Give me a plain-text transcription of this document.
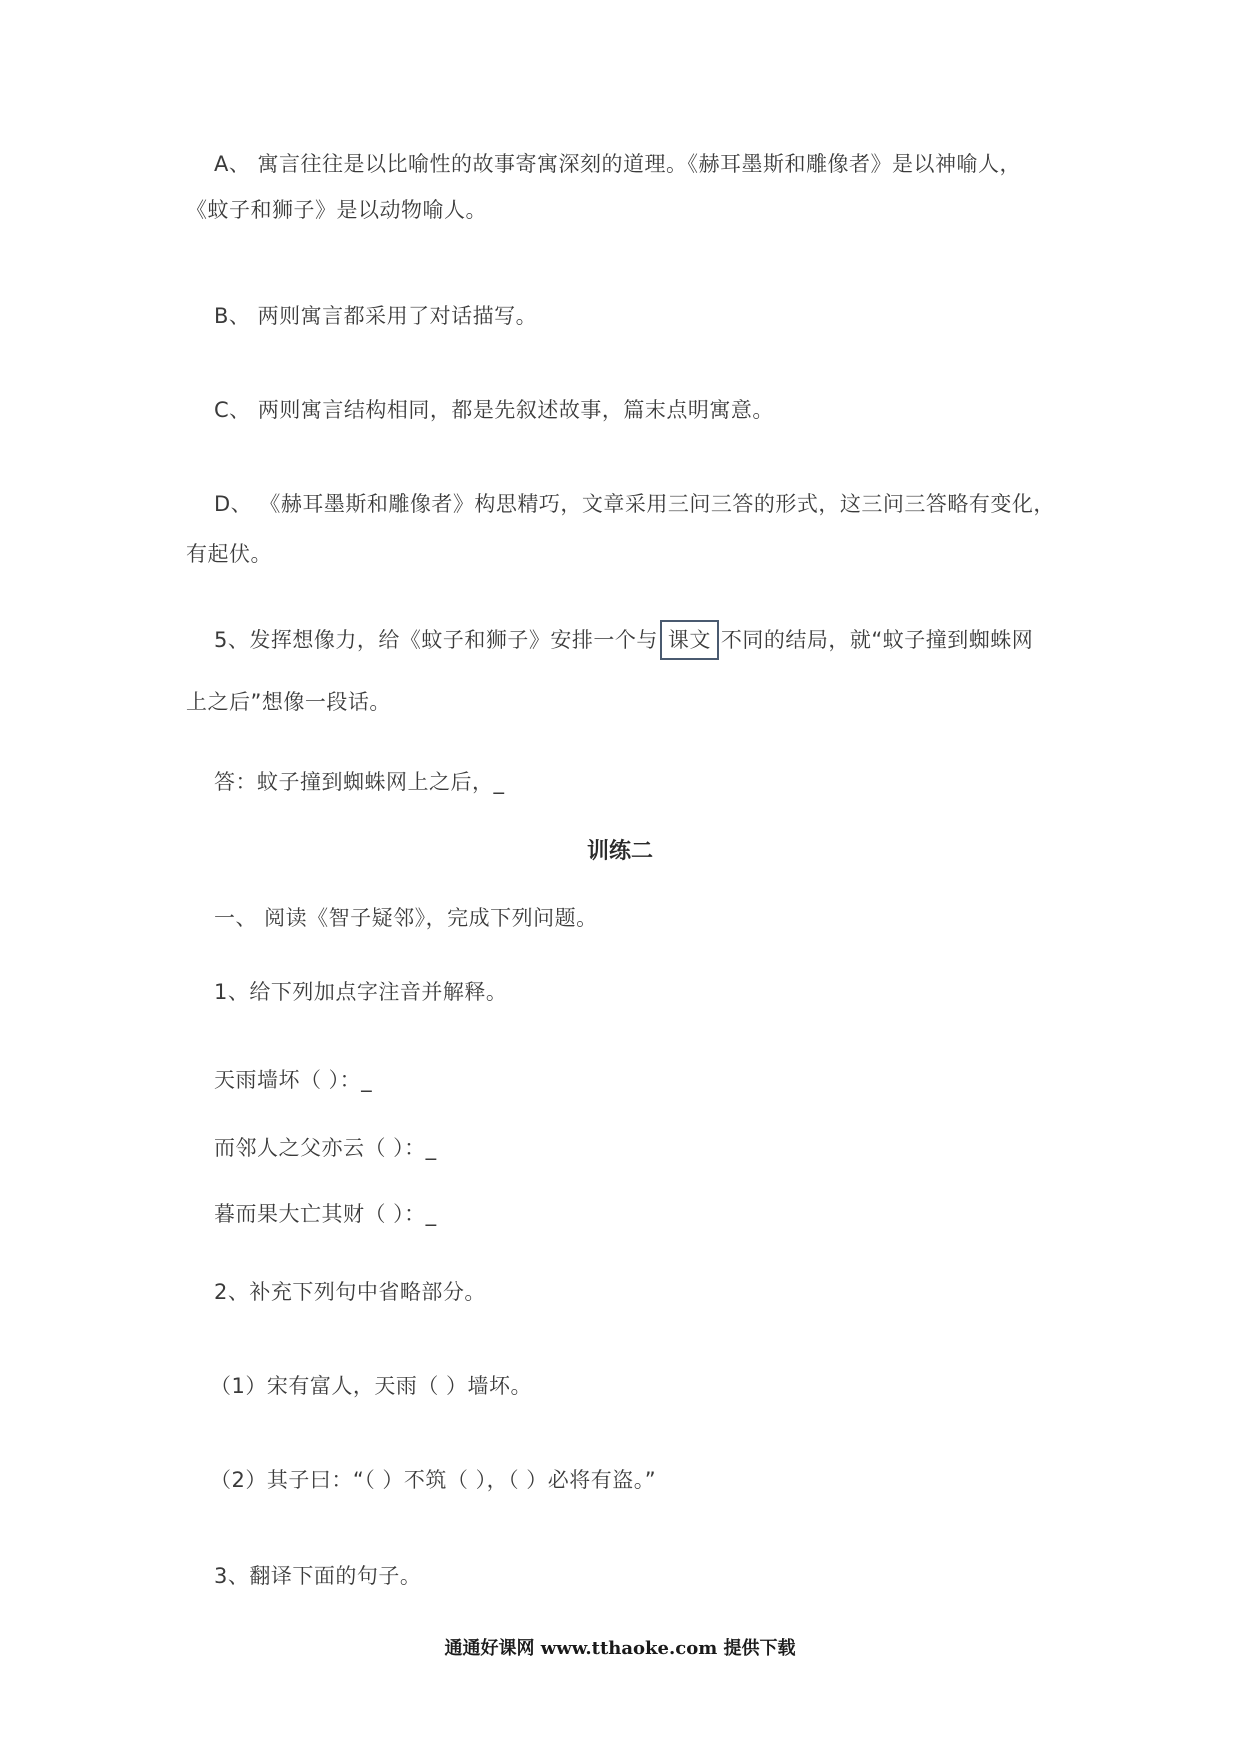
A、 寓言往往是以比喻性的故事寄寓深刻的道理。《赫耳墨斯和雕像者》是以神喻人，
《蚊子和狮子》是以动物喻人。
B、 两则寓言都采用了对话描写。
C、 两则寓言结构相同，都是先叙述故事，篇末点明寓意。
D、 《赫耳墨斯和雕像者》构思精巧，文章采用三问三答的形式，这三问三答略有变化，
有起伏。
5、发挥想像力，给《蚊子和狮子》安排一个与 课文 不同的结局，就“蚊子撞到蜘蛛网
上之后”想像一段话。
答：蚊子撞到蜘蛛网上之后，_
训练二
一、 阅读《智子疑邻》，完成下列问题。
1、给下列加点字注音并解释。
天雨墙坏（ ）：_
而邻人之父亦云（ ）：_
暮而果大亡其财（ ）：_
2、补充下列句中省略部分。
（1）宋有富人，天雨（ ）墙坏。
（2）其子曰：“（ ）不筑（ ），（ ）必将有盗。”
3、翻译下面的句子。
通通好课网 www.tthaoke.com 提供下载
